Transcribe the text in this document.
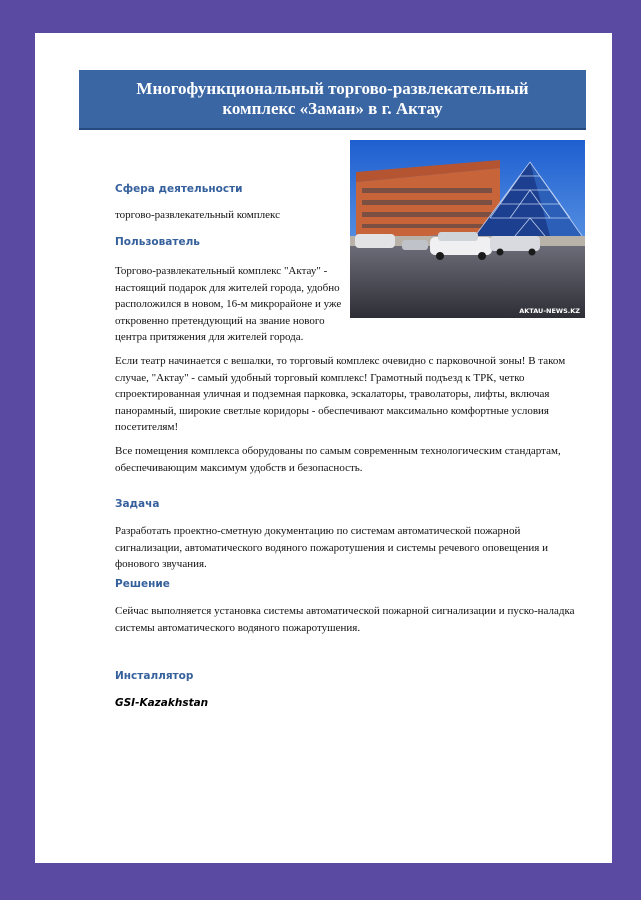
Многофункциональный торгово-развлекательный
комплекс «Заман» в г. Актау
AKTAU-NEWS.KZ
Сфера деятельности
торгово-развлекательный комплекс
Пользователь
Торгово-развлекательный комплекс "Актау" -
настоящий подарок для жителей города, удобно
расположился в новом, 16-м микрорайоне и уже
откровенно претендующий на звание нового
центра притяжения для жителей города.
Если театр начинается с вешалки, то торговый комплекс очевидно с парковочной зоны! В таком
случае, "Актау" - самый удобный торговый комплекс! Грамотный подъезд к ТРК, четко
спроектированная уличная и подземная парковка, эскалаторы, траволаторы, лифты, включая
панорамный, широкие светлые коридоры - обеспечивают максимально комфортные условия
посетителям!
Все помещения комплекса оборудованы по самым современным технологическим стандартам,
обеспечивающим максимум удобств и безопасность.
Задача
Разработать проектно-сметную документацию по системам автоматической пожарной
сигнализации, автоматического водяного пожаротушения и системы речевого оповещения и
фонового звучания.
Решение
Сейчас выполняется установка системы автоматической пожарной сигнализации и пуско-наладка
системы автоматического водяного пожаротушения.
Инсталлятор
GSI-Kazakhstan
